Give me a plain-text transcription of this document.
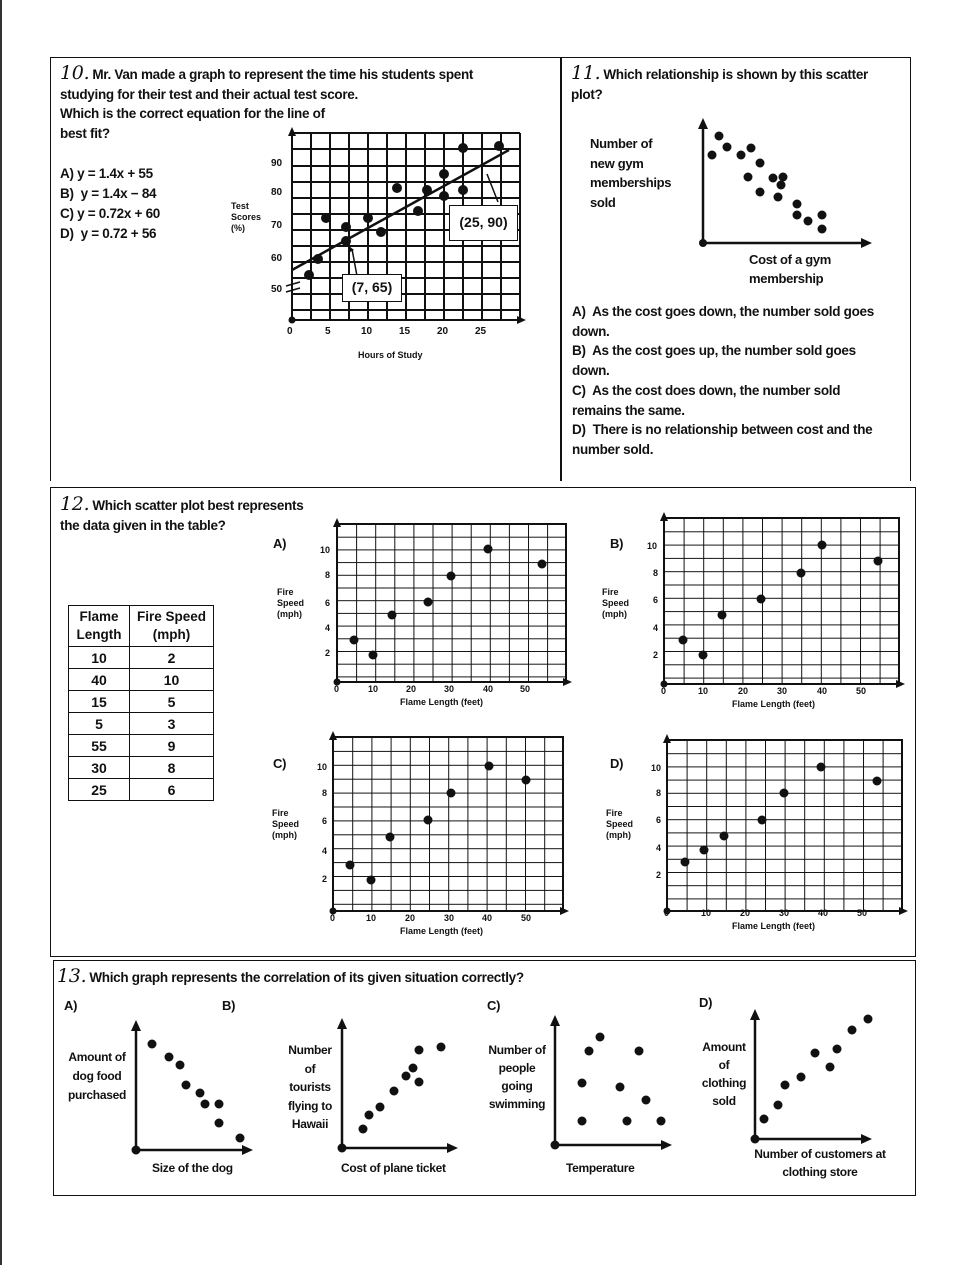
10. Mr. Van made a graph to represent the time his students spent
studying for their test and their actual test score.
Which is the correct equation for the line of
best fit?
A) y = 1.4x + 55
B) y = 1.4x − 84
C) y = 0.72x + 60
D) y = 0.72 + 56
Test
Scores
(%)
Hours of Study
90
80
70
60
50
0	5	10	15	20	25
(7, 65)
(25, 90)
11. Which relationship is shown by this scatter
plot?
Number of
new gym
memberships
sold
Cost of a gym
membership
A) As the cost goes down, the number sold goes
down.
B) As the cost goes up, the number sold goes
down.
C) As the cost does down, the number sold
remains the same.
D) There is no relationship between cost and the
number sold.
12. Which scatter plot best represents
the data given in the table?
Flame
Length	Fire Speed
(mph)
10	2
40	10
15	5
5	3
55	9
30	8
25	6
A)	B)
C)	D)
Fire
Speed
(mph)
Fire
Speed
(mph)
Fire
Speed
(mph)
Fire
Speed
(mph)
Flame Length (feet)	Flame Length (feet)
Flame Length (feet)	Flame Length (feet)
10
8
6
4
2
0	10	20	30	40	50
10
8
6
4
2
0	10	20	30	40	50
10
8
6
4
2
0	10	20	30	40	50
10
8
6
4
2
0	10	20	30	40	50
13. Which graph represents the correlation of its given situation correctly?
A)	B)	C)	D)
Amount of
dog food
purchased
Number
of
tourists
flying to
Hawaii
Number of
people
going
swimming
Amount
of
clothing
sold
Size of the dog	Cost of plane ticket	Temperature
Number of customers at
clothing store
